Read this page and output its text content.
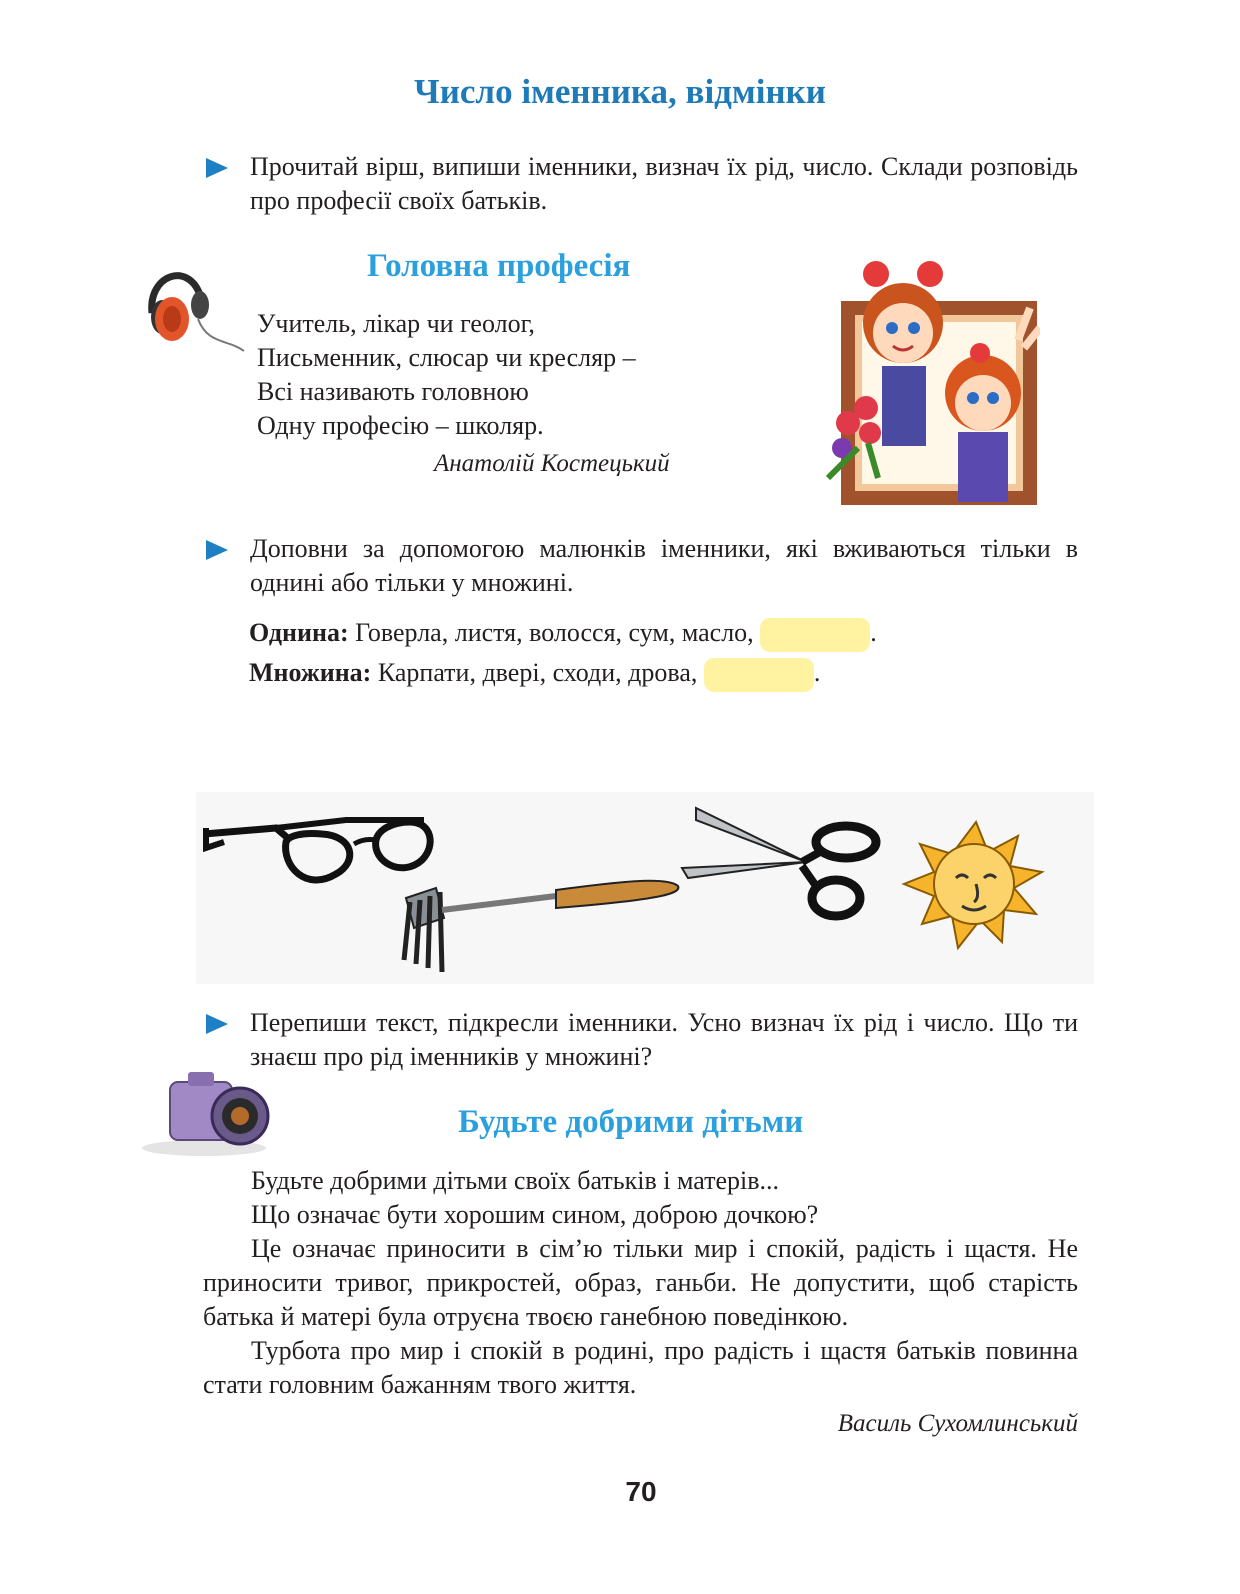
Число іменника, відмінки
Прочитай вірш, випиши іменники, визнач їх рід, число. Склади розповідь про професії своїх батьків.
Головна професія
Учитель, лікар чи геолог,
Письменник, слюсар чи кресляр –
Всі називають головною
Одну професію – школяр.
Анатолій Костецький
Доповни за допомогою малюнків іменники, які вживаються тільки в однині або тільки у множині.
Однина: Говерла, листя, волосся, сум, масло,	.
Множина: Карпати, двері, сходи, дрова,	.
Перепиши текст, підкресли іменники. Усно визнач їх рід і число. Що ти знаєш про рід іменників у множині?
Будьте добрими дітьми
Будьте добрими дітьми своїх батьків і матерів...
Що означає бути хорошим сином, доброю дочкою?
Це означає приносити в сім’ю тільки мир і спокій, радість і щастя. Не приносити тривог, прикростей, образ, ганьби. Не допустити, щоб старість батька й матері була отруєна твоєю ганебною поведінкою.
Турбота про мир і спокій в родині, про радість і щастя батьків повинна стати головним бажанням твого життя.
Василь Сухомлинський
70
